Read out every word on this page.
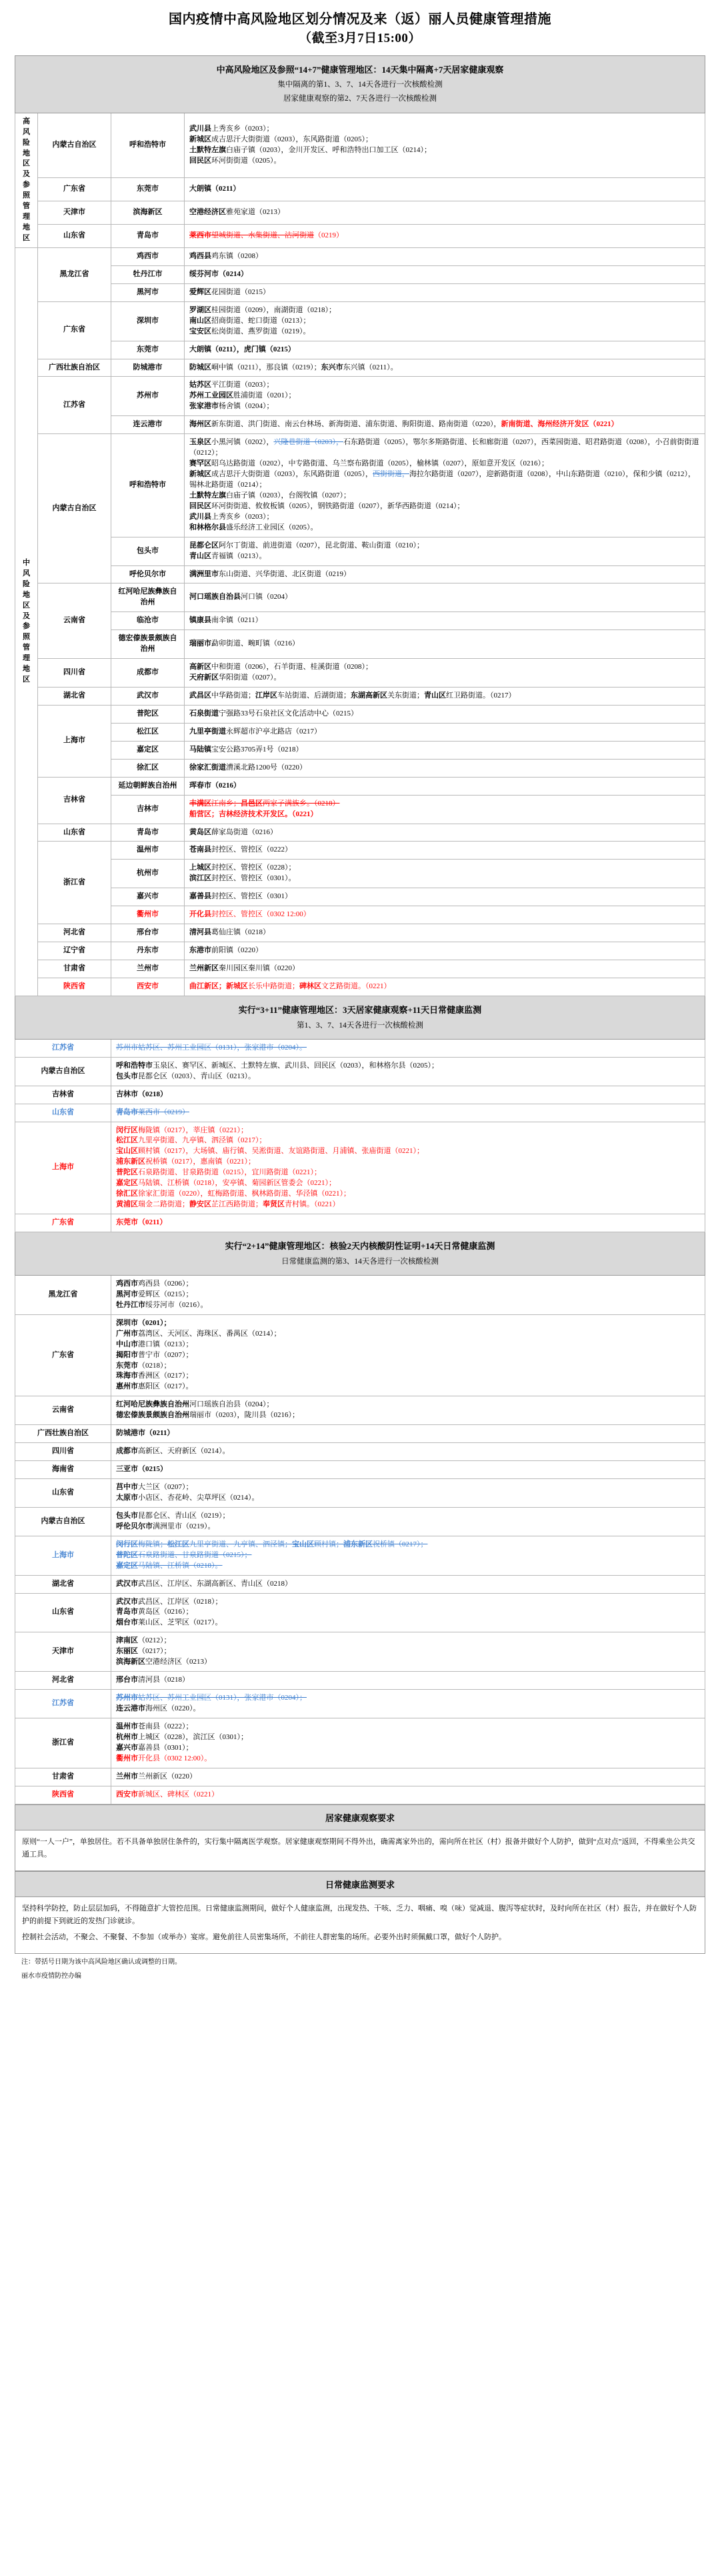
国内疫情中高风险地区划分情况及来（返）丽人员健康管理措施
（截至3月7日15:00）
中高风险地区及参照“14+7”健康管理地区：14天集中隔离+7天居家健康观察
集中隔离的第1、3、7、14天各进行一次核酸检测
居家健康观察的第2、7天各进行一次核酸检测			

高风险地区及参照管理地区	内蒙古自治区	呼和浩特市	武川县上秀亥乡（0203）；
新城区成吉思汗大街街道（0203），东风路街道（0205）；
土默特左旗白庙子镇（0203），金川开发区、呼和浩特出口加工区（0214）；
回民区环河街街道（0205）。

	广东省	东莞市	大朗镇（0211）

	天津市	滨海新区	空港经济区雅苑家道（0213）

	山东省	青岛市	莱西市望城街道、水集街道、沽河街道（0219）

中风险地区及参照管理地区	黑龙江省	鸡西市	鸡西县鸡东镇（0208）

		牡丹江市	绥芬河市（0214）

		黑河市	爱辉区花园街道（0215）

	广东省	深圳市	罗湖区桂园街道（0209），南湖街道（0218）；
南山区招商街道、蛇口街道（0213）；
宝安区松岗街道、燕罗街道（0219）。

		东莞市	大朗镇（0211），虎门镇（0215）

	广西壮族自治区	防城港市	防城区峒中镇（0211），那良镇（0219）；东兴市东兴镇（0211）。

	江苏省	苏州市	姑苏区平江街道（0203）；
苏州工业园区胜浦街道（0201）；
张家港市杨舍镇（0204）；

		连云港市	海州区新东街道、洪门街道、南云台林场、新海街道、浦东街道、朐阳街道、路南街道（0220），新南街道、海州经济开发区（0221）

内蒙古自治区	呼和浩特市	
玉泉区小黑河镇（0202），兴隆巷街道（0203），石东路街道（0205），鄂尔多斯路街道、长和廊街道（0207），西菜园街道、昭君路街道（0208），小召前街街道（0212）；
赛罕区昭乌达路街道（0202），中专路街道、乌兰察布路街道（0205），榆林镇（0207），原如意开发区（0216）；
新城区成吉思汗大街街道（0203），东风路街道（0205），西街街道，海拉尔路街道（0207），迎新路街道（0208），中山东路街道（0210），保和少镇（0212），锡林北路街道（0214）；
土默特左旗白庙子镇（0203），台阁牧镇（0207）；
回民区环河街街道、攸攸板镇（0205），钢铁路街道（0207），新华西路街道（0214）；
武川县上秀亥乡（0203）；
和林格尔县盛乐经济工业园区（0205）。

		包头市	昆都仑区阿尔丁街道、前进街道（0207），昆北街道、鞍山街道（0210）；
青山区青福镇（0213）。

		呼伦贝尔市	满洲里市东山街道、兴华街道、北区街道（0219）

	云南省	红河哈尼族彝族自治州	河口瑶族自治县河口镇（0204）

		临沧市	镇康县南伞镇（0211）

		德宏傣族景颇族自治州	瑞丽市勐卯街道、畹町镇（0216）

	四川省	成都市	高新区中和街道（0206），石羊街道、桂溪街道（0208）；
天府新区华阳街道（0207）。

	湖北省	武汉市	武昌区中华路街道；江岸区车站街道、后湖街道；东湖高新区关东街道；青山区红卫路街道。（0217）

	上海市	普陀区	石泉街道宁强路33号石泉社区文化活动中心（0215）

		松江区	九里亭街道永辉超市沪亭北路店（0217）

		嘉定区	马陆镇宝安公路3705弄1号（0218）

		徐汇区	徐家汇街道漕溪北路1200号（0220）

	吉林省	延边朝鲜族自治州	珲春市（0216）

		吉林市	丰满区江南乡；昌邑区两家子满族乡。（0218）
船营区；吉林经济技术开发区。（0221）

	山东省	青岛市	黄岛区薛家岛街道（0216）

	浙江省	温州市	苍南县封控区、管控区（0222）

		杭州市	上城区封控区、管控区（0228）；
滨江区封控区、管控区（0301）。

		嘉兴市	嘉善县封控区、管控区（0301）

		衢州市	开化县封控区、管控区（0302 12:00）

	河北省	邢台市	清河县葛仙庄镇（0218）

	辽宁省	丹东市	东港市前阳镇（0220）

	甘肃省	兰州市	兰州新区秦川园区秦川镇（0220）

	陕西省	西安市	曲江新区；新城区长乐中路街道；碑林区文艺路街道。（0221）

实行“3+11”健康管理地区：3天居家健康观察+11天日常健康监测
第1、3、7、14天各进行一次核酸检测			

江苏省		苏州市姑苏区、苏州工业园区（0131），张家港市（0204）。	

内蒙古自治区		呼和浩特市玉泉区、赛罕区、新城区、土默特左旗、武川县、回民区（0203），和林格尔县（0205）；
包头市昆都仑区（0203）、青山区（0213）。	

吉林省		吉林市（0218）	

山东省		青岛市莱西市（0219）	

上海市	
闵行区梅陇镇（0217），莘庄镇（0221）；
松江区九里亭街道、九亭镇、泗泾镇（0217）；
宝山区顾村镇（0217），大场镇、庙行镇、吴淞街道、友谊路街道、月浦镇、张庙街道（0221）；
浦东新区祝桥镇（0217），惠南镇（0221）；
普陀区石泉路街道、甘泉路街道（0215），宜川路街道（0221）；
嘉定区马陆镇、江桥镇（0218），安亭镇、菊园新区管委会（0221）；
徐汇区徐家汇街道（0220），虹梅路街道、枫林路街道、华泾镇（0221）；
黄浦区瑞金二路街道；静安区芷江西路街道；奉贤区青村镇。（0221）

广东省		东莞市（0211）	

实行“2+14”健康管理地区：核验2天内核酸阴性证明+14天日常健康监测
日常健康监测的第3、14天各进行一次核酸检测			

黑龙江省		鸡西市鸡西县（0206）；
黑河市爱辉区（0215）；
牡丹江市绥芬河市（0216）。	

广东省	
深圳市（0201）；
广州市荔湾区、天河区、海珠区、番禺区（0214）；
中山市港口镇（0213）；
揭阳市普宁市（0207）；
东莞市（0218）；
珠海市香洲区（0217）；
惠州市惠阳区（0217）。

云南省		红河哈尼族彝族自治州河口瑶族自治县（0204）；
德宏傣族景颇族自治州瑞丽市（0203），陇川县（0216）；	

广西壮族自治区		防城港市（0211）	

四川省		成都市高新区、天府新区（0214）。	

海南省		三亚市（0215）	

山东省		莒中市大兰区（0207）；
太原市小店区、杏花岭、尖草坪区（0214）。	

内蒙古自治区		包头市昆都仑区、青山区（0219）；
呼伦贝尔市满洲里市（0219）。	

上海市		闵行区梅陇镇；松江区九里亭街道、九亭镇、泗泾镇；宝山区顾村镇；浦东新区祝桥镇（0217）；
普陀区石泉路街道、甘泉路街道（0215）；
嘉定区马陆镇、江桥镇（0218）。	

湖北省		武汉市武昌区、江岸区、东湖高新区、青山区（0218）	

山东省		武汉市武昌区、江岸区（0218）；
青岛市黄岛区（0216）；
烟台市莱山区、芝罘区（0217）。	

天津市		津南区（0212）；
东丽区（0217）；
滨海新区空港经济区（0213）	

河北省		邢台市清河县（0218）	

江苏省		苏州市姑苏区、苏州工业园区（0131），张家港市（0204）；
连云港市海州区（0220）。	

浙江省		温州市苍南县（0222）；
杭州市上城区（0228），滨江区（0301）；
嘉兴市嘉善县（0301）；
衢州市开化县（0302 12:00）。	

甘肃省		兰州市兰州新区（0220）	

陕西省		西安市新城区、碑林区（0221）	
居家健康观察要求

原则“一人一户”，单独居住。若不具备单独居住条件的，实行集中隔离医学观察。居家健康观察期间不得外出，确需离家外出的，需向所在社区（村）报备并做好个人防护，做到“点对点”返回，不得乘坐公共交通工具。

日常健康监测要求

坚持科学防控，防止层层加码，不得随意扩大管控范围。日常健康监测期间，做好个人健康监测，出现发热、干咳、乏力、咽痛、嗅（味）觉减退、腹泻等症状时，及时向所在社区（村）报告，并在做好个人防护的前提下到就近的发热门诊就诊。

控制社会活动，不聚会、不聚餐、不参加（或举办）宴席。避免前往人员密集场所，不前往人群密集的场所。必要外出时须佩戴口罩，做好个人防护。

注：带括号日期为该中高风险地区确认或调整的日期。
丽水市疫情防控办编
